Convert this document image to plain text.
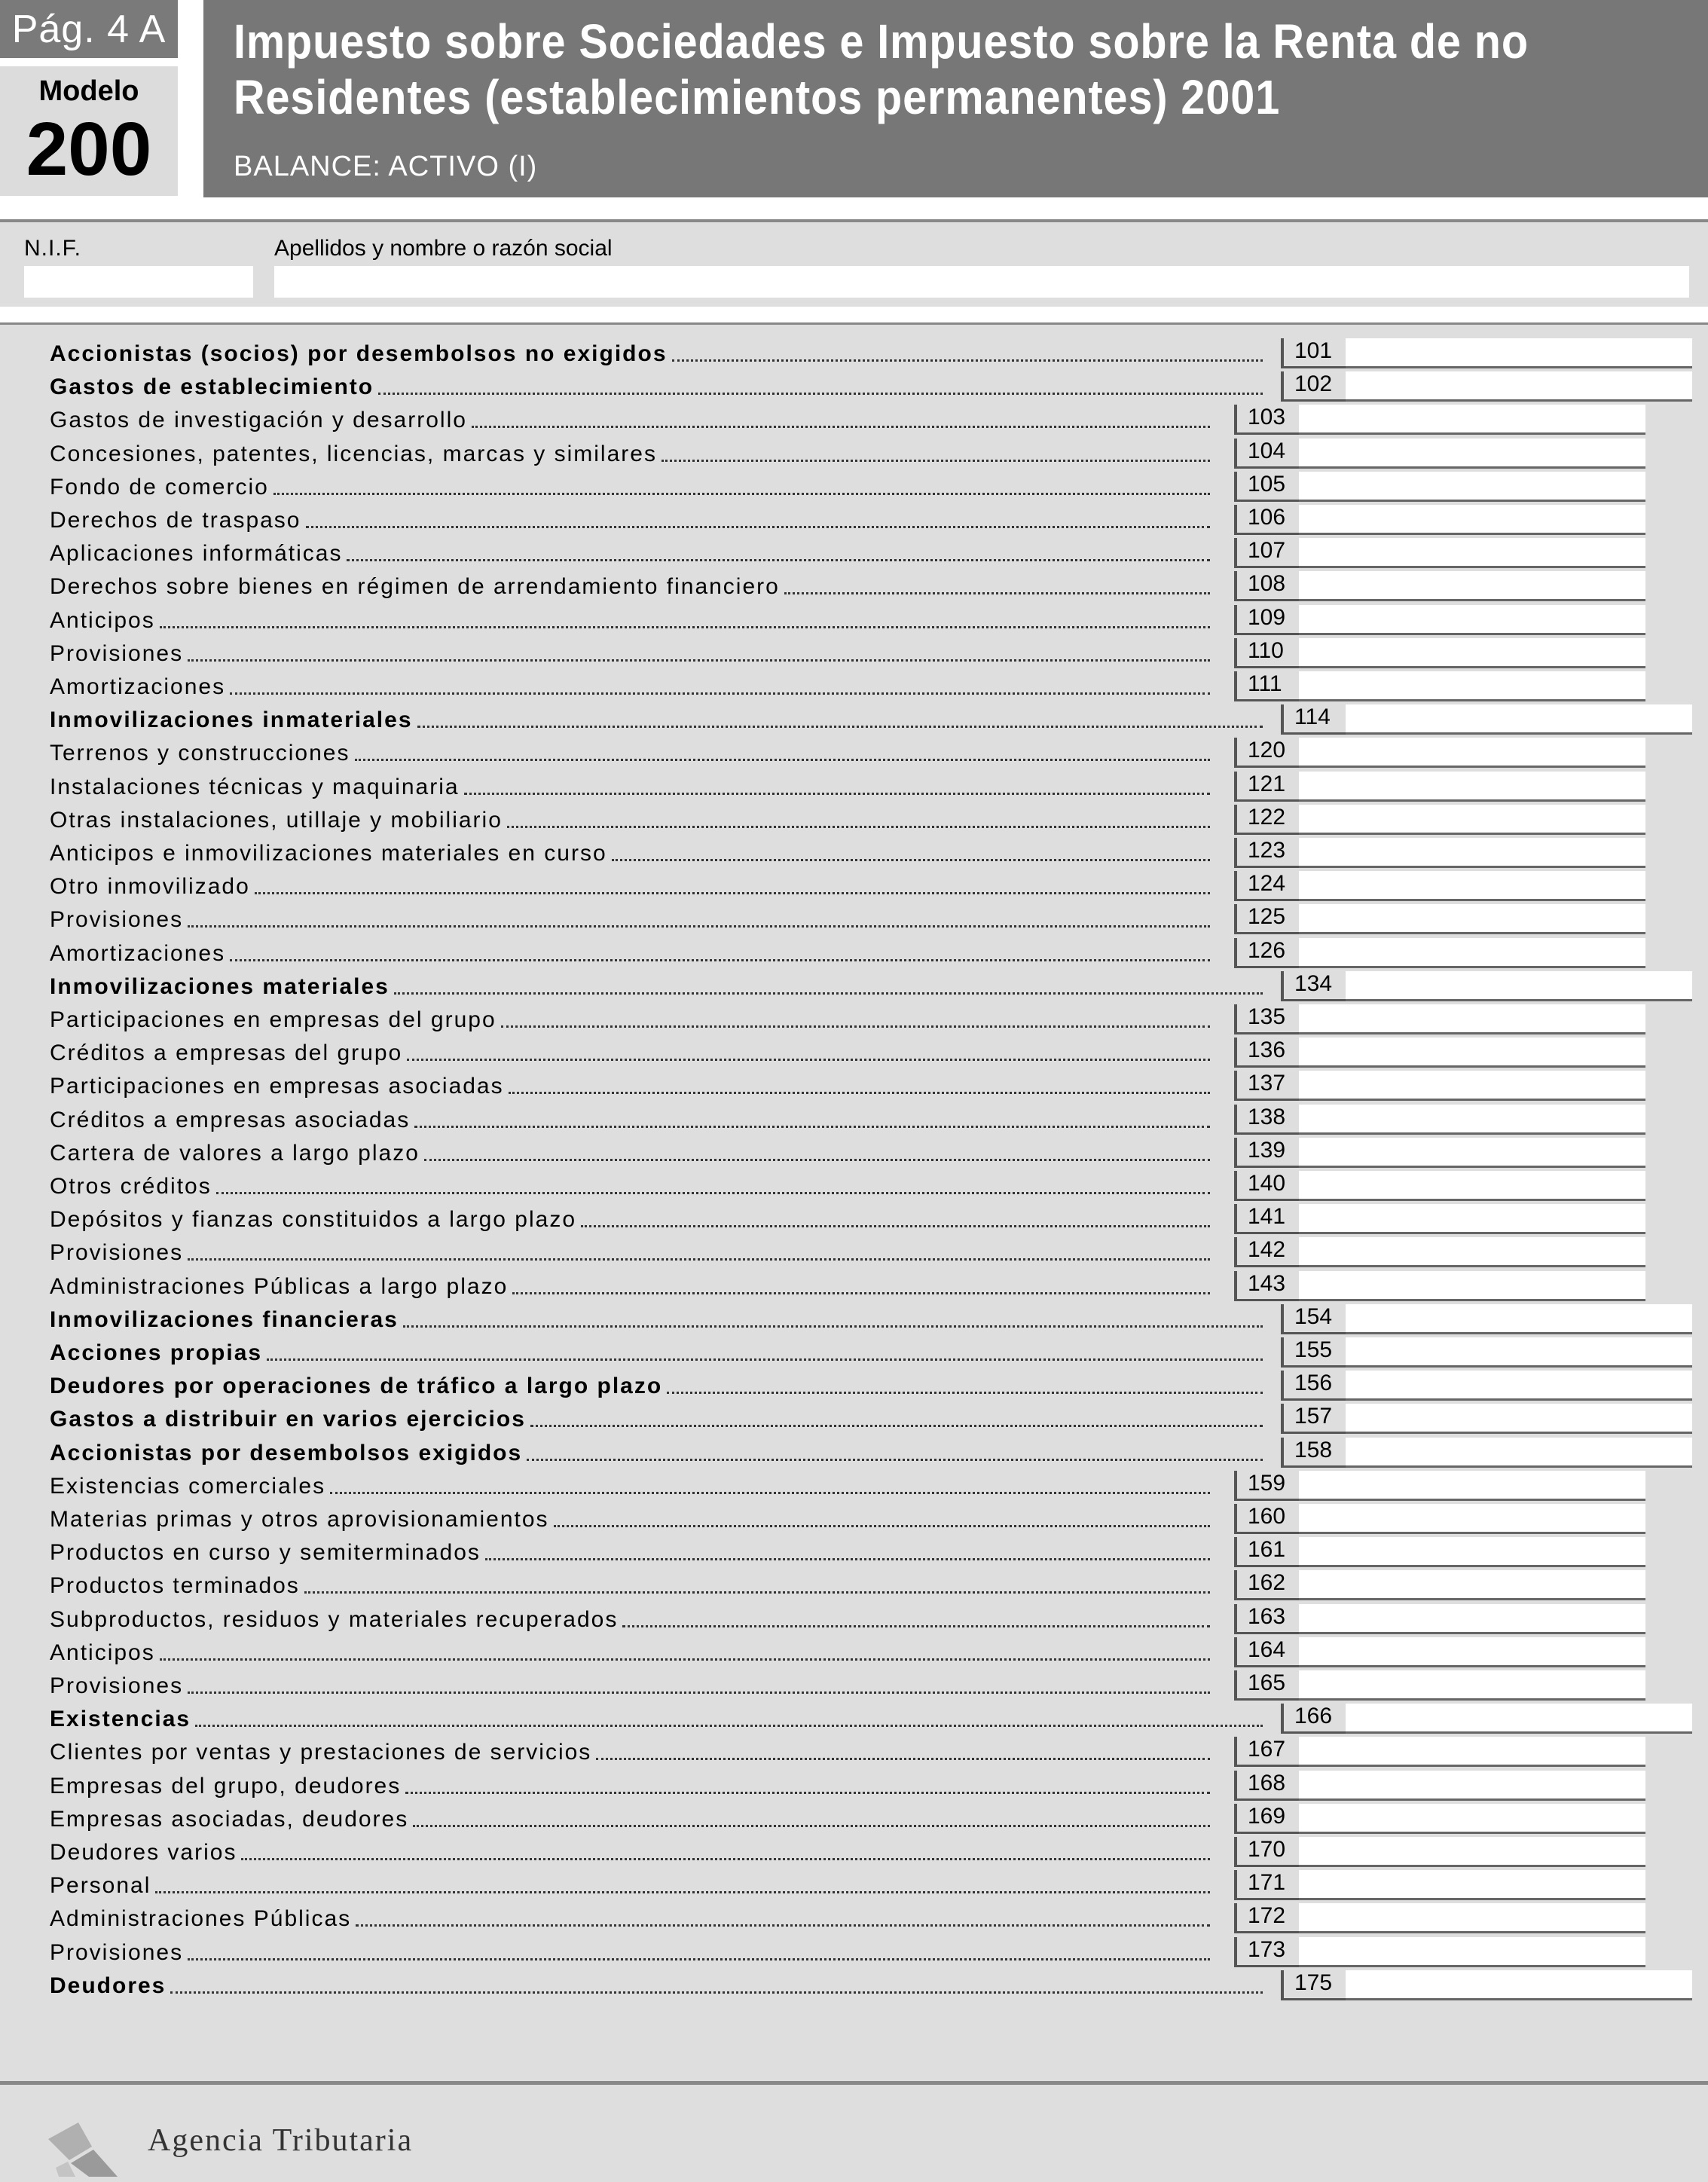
Pág. 4 A
Modelo
200
Impuesto sobre Sociedades e Impuesto sobre la Renta de no
Residentes (establecimientos permanentes) 2001
BALANCE: ACTIVO (I)
N.I.F.	Apellidos y nombre o razón social
Accionistas (socios) por desembolsos no exigidos	101
Gastos de establecimiento	102
Gastos de investigación y desarrollo	103
Concesiones, patentes, licencias, marcas y similares	104
Fondo de comercio	105
Derechos de traspaso	106
Aplicaciones informáticas	107
Derechos sobre bienes en régimen de arrendamiento financiero	108
Anticipos	109
Provisiones	110
Amortizaciones	111
Inmovilizaciones inmateriales	114
Terrenos y construcciones	120
Instalaciones técnicas y maquinaria	121
Otras instalaciones, utillaje y mobiliario	122
Anticipos e inmovilizaciones materiales en curso	123
Otro inmovilizado	124
Provisiones	125
Amortizaciones	126
Inmovilizaciones materiales	134
Participaciones en empresas del grupo	135
Créditos a empresas del grupo	136
Participaciones en empresas asociadas	137
Créditos a empresas asociadas	138
Cartera de valores a largo plazo	139
Otros créditos	140
Depósitos y fianzas constituidos a largo plazo	141
Provisiones	142
Administraciones Públicas a largo plazo	143
Inmovilizaciones financieras	154
Acciones propias	155
Deudores por operaciones de tráfico a largo plazo	156
Gastos a distribuir en varios ejercicios	157
Accionistas por desembolsos exigidos	158
Existencias comerciales	159
Materias primas y otros aprovisionamientos	160
Productos en curso y semiterminados	161
Productos terminados	162
Subproductos, residuos y materiales recuperados	163
Anticipos	164
Provisiones	165
Existencias	166
Clientes por ventas y prestaciones de servicios	167
Empresas del grupo, deudores	168
Empresas asociadas, deudores	169
Deudores varios	170
Personal	171
Administraciones Públicas	172
Provisiones	173
Deudores	175
Agencia Tributaria
